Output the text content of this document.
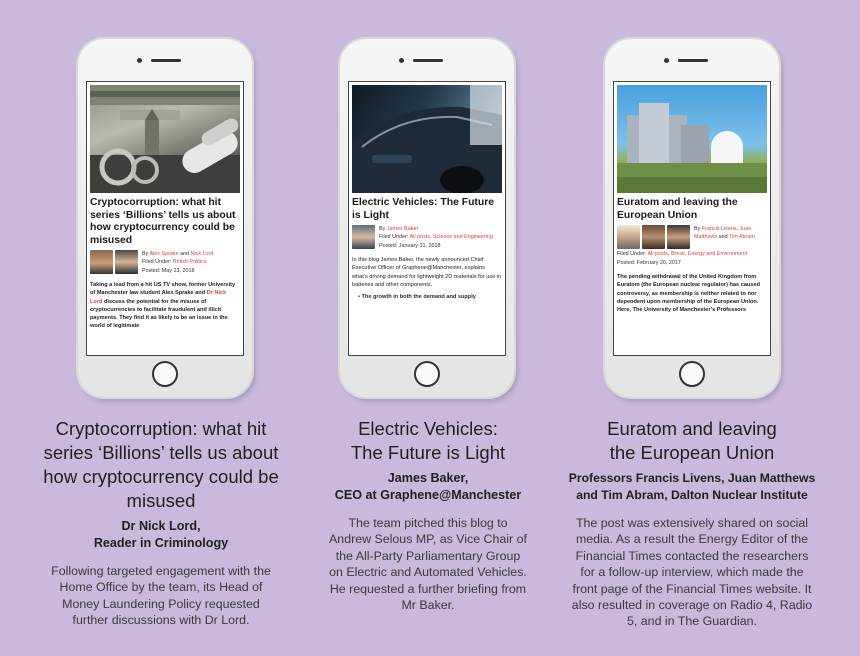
Cryptocorruption: what hit series ‘Billions’ tells us about how cryptocurrency could be misused
By Alex Sprake and Nick Lord
Filed Under: British Politics
Posted: May 23, 2018
Taking a lead from a hit US TV show, former University of Manchester law student Alex Sprake and Dr Nick Lord discuss the potential for the misuse of cryptocurrencies to facilitate fraudulent and illicit payments. They find it as likely to be an issue in the world of legitimate
Cryptocorruption: what hit series ‘Billions’ tells us about how cryptocurrency could be misused
Dr Nick Lord,
Reader in Criminology
Following targeted engagement with the Home Office by the team, its Head of Money Laundering Policy requested further discussions with Dr Lord.
Electric Vehicles: The Future is Light
By James Baker
Filed Under: All posts, Science and Engineering
Posted: January 31, 2018
In this blog James Baker, the newly announced Chief Executive Officer of Graphene@Manchester, explains what’s driving demand for lightweight 2D materials for use in batteries and other components.
• The growth in both the demand and supply
Electric Vehicles:
The Future is Light
James Baker,
CEO at Graphene@Manchester
The team pitched this blog to Andrew Selous MP, as Vice Chair of the All-Party Parliamentary Group on Electric and Automated Vehicles. He requested a further briefing from Mr Baker.
Euratom and leaving the European Union
By Francis Livens, Juan Matthews and Tim Abram
Filed Under: All posts, Brexit, Energy and Environment
Posted: February 20, 2017
The pending withdrawal of the United Kingdom from Euratom (the European nuclear regulator) has caused controversy, as membership is neither related to nor dependent upon membership of the European Union. Here, The University of Manchester’s Professors
Euratom and leaving
the European Union
Professors Francis Livens, Juan Matthews
and Tim Abram, Dalton Nuclear Institute
The post was extensively shared on social media. As a result the Energy Editor of the Financial Times contacted the researchers for a follow-up interview, which made the front page of the Financial Times website. It also resulted in coverage on Radio 4, Radio 5, and in The Guardian.
